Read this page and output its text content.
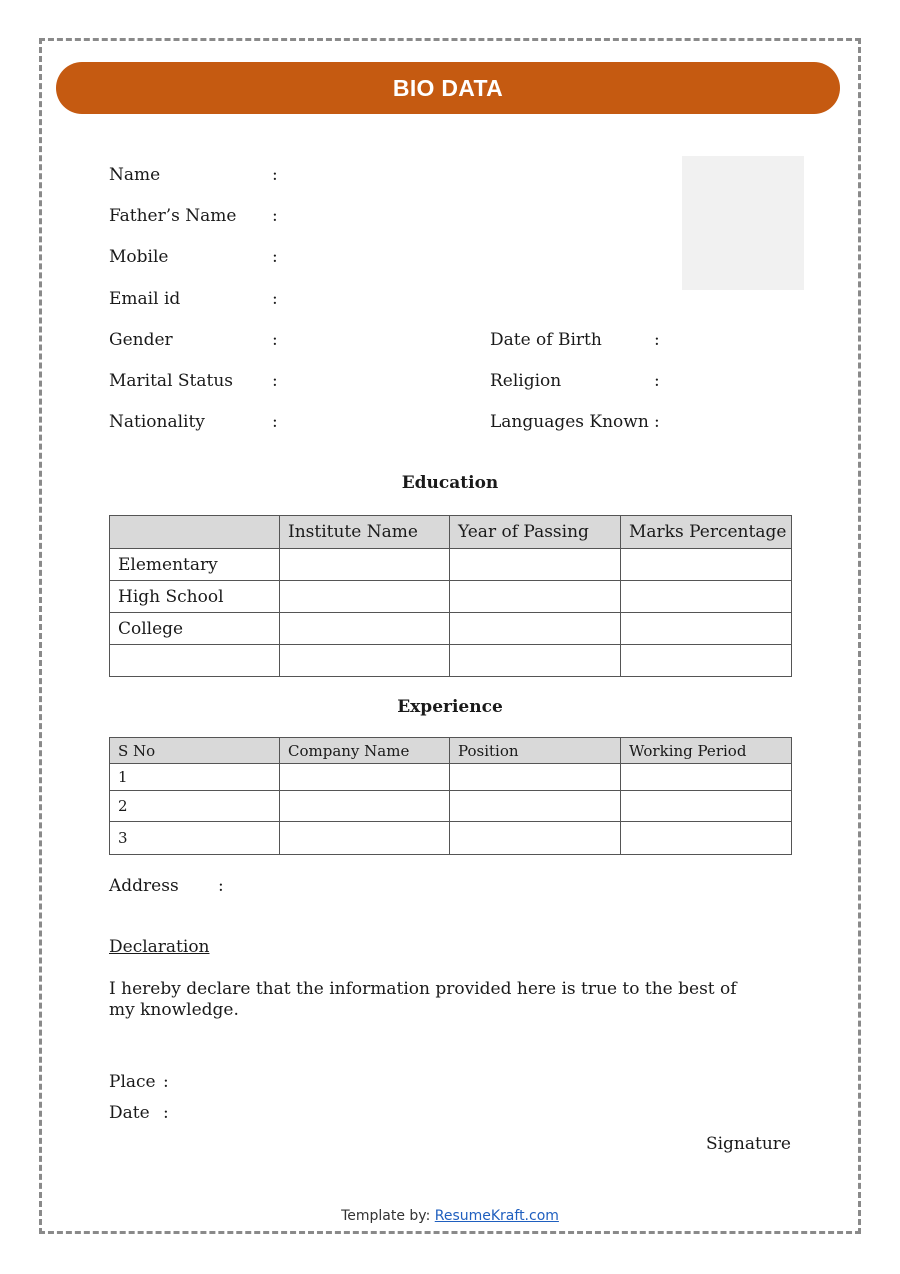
BIO DATA
Name	:
Father’s Name :
Mobile	:
Email id	:
Gender	:
Marital Status :
Nationality	:
Date of Birth	:
Religion	:
Languages Known :
Education
	Institute Name	Year of Passing	Marks Percentage
Elementary			
High School			
College			

Experience
S No	Company Name	Position	Working Period
1			
2			
3			
Address :
Declaration
I hereby declare that the information provided here is true to the best of my knowledge.
Place :
Date :
Signature
Template by: ResumeKraft.com
